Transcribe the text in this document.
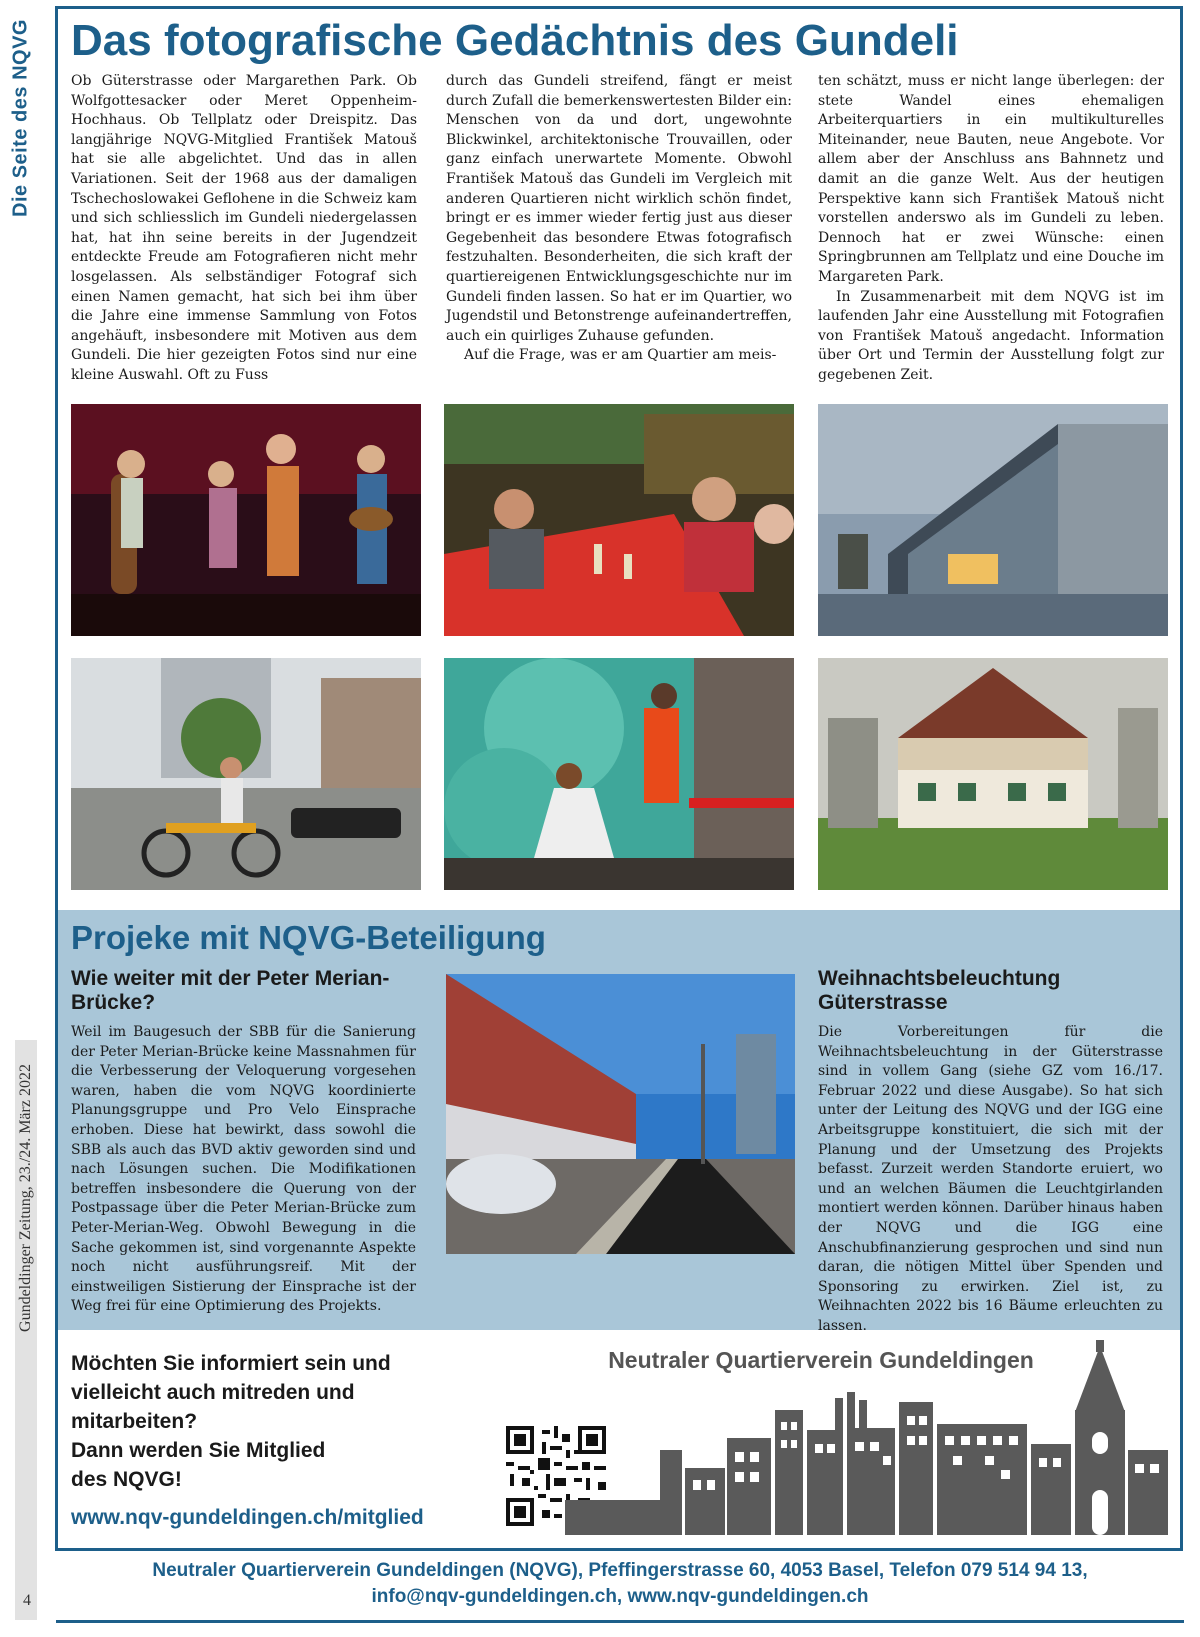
Die Seite des NQVG
Gundeldinger Zeitung, 23./24. März 2022
4
Das fotografische Gedächtnis des Gundeli

Ob Güterstrasse oder Margarethen Park. Ob Wolfgottesacker oder Meret Oppenheim-Hochhaus. Ob Tellplatz oder Dreispitz. Das langjährige NQVG-Mitglied František Matouš hat sie alle abgelichtet. Und das in allen Variationen. Seit der 1968 aus der damaligen Tschechoslowakei Geflohene in die Schweiz kam und sich schliesslich im Gundeli niedergelassen hat, hat ihn seine bereits in der Jugendzeit entdeckte Freude am Fotografieren nicht mehr losgelassen. Als selbständiger Fotograf sich einen Namen gemacht, hat sich bei ihm über die Jahre eine immense Sammlung von Fotos angehäuft, insbesondere mit Motiven aus dem Gundeli. Die hier gezeigten Fotos sind nur eine kleine Auswahl. Oft zu Fuss

durch das Gundeli streifend, fängt er meist durch Zufall die bemerkenswertesten Bilder ein: Menschen von da und dort, ungewohnte Blickwinkel, architektonische Trouvaillen, oder ganz einfach unerwartete Momente. Obwohl František Matouš das Gundeli im Vergleich mit anderen Quartieren nicht wirklich schön findet, bringt er es immer wieder fertig just aus dieser Gegebenheit das besondere Etwas fotografisch festzuhalten. Besonderheiten, die sich kraft der quartiereigenen Entwicklungsgeschichte nur im Gundeli finden lassen. So hat er im Quartier, wo Jugendstil und Betonstrenge aufeinandertreffen, auch ein quirliges Zuhause gefunden.

Auf die Frage, was er am Quartier am meis-

ten schätzt, muss er nicht lange überlegen: der stete Wandel eines ehemaligen Arbeiterquartiers in ein multikulturelles Miteinander, neue Bauten, neue Angebote. Vor allem aber der Anschluss ans Bahnnetz und damit an die ganze Welt. Aus der heutigen Perspektive kann sich František Matouš nicht vorstellen anderswo als im Gundeli zu leben. Dennoch hat er zwei Wünsche: einen Springbrunnen am Tellplatz und eine Douche im Margareten Park.

In Zusammenarbeit mit dem NQVG ist im laufenden Jahr eine Ausstellung mit Fotografien von František Matouš angedacht. Information über Ort und Termin der Ausstellung folgt zur gegebenen Zeit.

Projeke mit NQVG-Beteiligung
Wie weiter mit der Peter Merian-Brücke?

Weil im Baugesuch der SBB für die Sanierung der Peter Merian-Brücke keine Massnahmen für die Verbesserung der Veloquerung vorgesehen waren, haben die vom NQVG koordinierte Planungsgruppe und Pro Velo Einsprache erhoben. Diese hat bewirkt, dass sowohl die SBB als auch das BVD aktiv geworden sind und nach Lösungen suchen. Die Modifikationen betreffen insbesondere die Querung von der Postpassage über die Peter Merian-Brücke zum Peter-Merian-Weg. Obwohl Bewegung in die Sache gekommen ist, sind vorgenannte Aspekte noch nicht ausführungsreif. Mit der einstweiligen Sistierung der Einsprache ist der Weg frei für eine Optimierung des Projekts.

Weihnachtsbeleuchtung Güterstrasse

Die Vorbereitungen für die Weihnachtsbeleuchtung in der Güterstrasse sind in vollem Gang (siehe GZ vom 16./17. Februar 2022 und diese Ausgabe). So hat sich unter der Leitung des NQVG und der IGG eine Arbeitsgruppe konstituiert, die sich mit der Planung und der Umsetzung des Projekts befasst. Zurzeit werden Standorte eruiert, wo und an welchen Bäumen die Leuchtgirlanden montiert werden können. Darüber hinaus haben der NQVG und die IGG eine Anschubfinanzierung gesprochen und sind nun daran, die nötigen Mittel über Spenden und Sponsoring zu erwirken. Ziel ist, zu Weihnachten 2022 bis 16 Bäume erleuchten zu lassen.

Möchten Sie informiert sein und
vielleicht auch mitreden und
mitarbeiten?
Dann werden Sie Mitglied
des NQVG!

www.nqv-gundeldingen.ch/mitglied
Neutraler Quartierverein Gundeldingen
Neutraler Quartierverein Gundeldingen (NQVG), Pfeffingerstrasse 60, 4053 Basel, Telefon 079 514 94 13,
info@nqv-gundeldingen.ch, www.nqv-gundeldingen.ch
